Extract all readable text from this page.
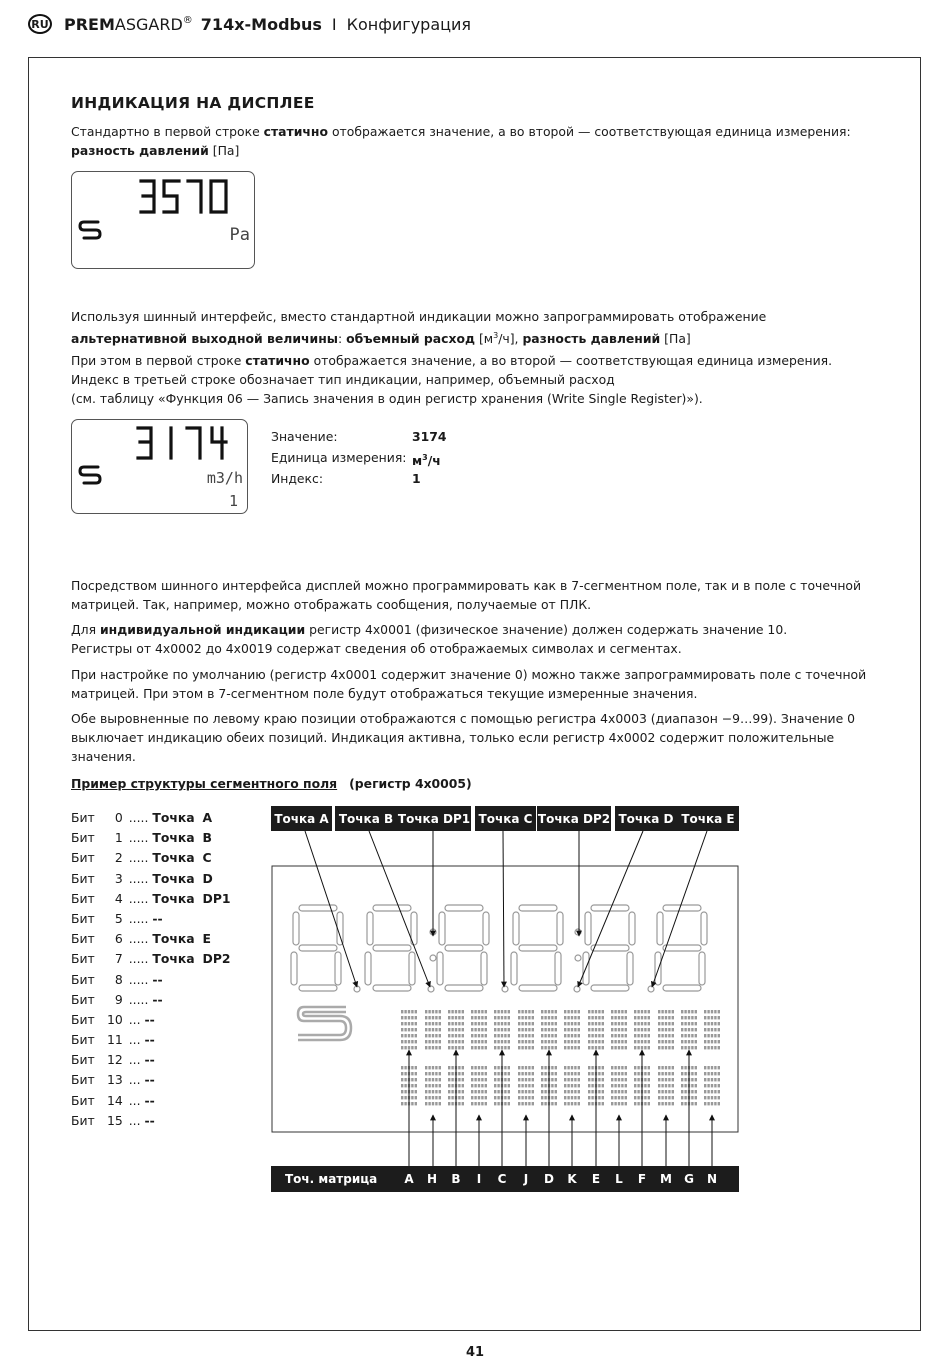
RU PREMASGARD® 714x-Modbus I Конфигурация
ИНДИКАЦИЯ НА ДИСПЛЕЕ

Стандартно в первой строке статично отображается значение, а во второй — соответствующая единица измерения:
разность давлений [Па]

Pa

Используя шинный интерфейс, вместо стандартной индикации можно запрограммировать отображение альтернативной выходной величины: объемный расход $[м^3/ч]$, разность давлений [Па]

При этом в первой строке статично отображается значение, а во второй — соответствующая единица измерения.
Индекс в третьей строке обозначает тип индикации, например, объемный расход
(см. таблицу «Функция 06 — Запись значения в один регистр хранения (Write Single Register)»).

m3/h
1
Значение:	3174
Единица измерения: $м^3/ч$
Индекс:	1

Посредством шинного интерфейса дисплей можно программировать как в 7-сегментном поле, так и в поле с точечной матрицей. Так, например, можно отображать сообщения, получаемые от ПЛК.

Для индивидуальной индикации регистр 4x0001 (физическое значение) должен содержать значение 10.
Регистры от 4x0002 до 4x0019 содержат сведения об отображаемых символах и сегментах.

При настройке по умолчанию (регистр 4x0001 содержит значение 0) можно также запрограммировать поле с точечной матрицей. При этом в 7-сегментном поле будут отображаться текущие измеренные значения.

Обе выровненные по левому краю позиции отображаются с помощью регистра 4x0003 (диапазон −9…99). Значение 0 выключает индикацию обеих позиций. Индикация активна, только если регистр 4x0002 содержит положительные значения.

Пример структуры сегментного поля (регистр 4x0005)
Бит 0 ..... Точка A
Бит 1 ..... Точка B
Бит 2 ..... Точка C
Бит 3 ..... Точка D
Бит 4 ..... Точка DP1
Бит 5 ..... --
Бит 6 ..... Точка E
Бит 7 ..... Точка DP2
Бит 8 ..... --
Бит 9 ..... --
Бит 10 ... --
Бит 11 ... --
Бит 12 ... --
Бит 13 ... --
Бит 14 ... --
Бит 15 ... --
Точка A Точка B Точка DP1 Точка C Точка DP2 Точка D Точка E
Точ. матрица A H B	I	C	J	D K	E	L	F	M G N
41
